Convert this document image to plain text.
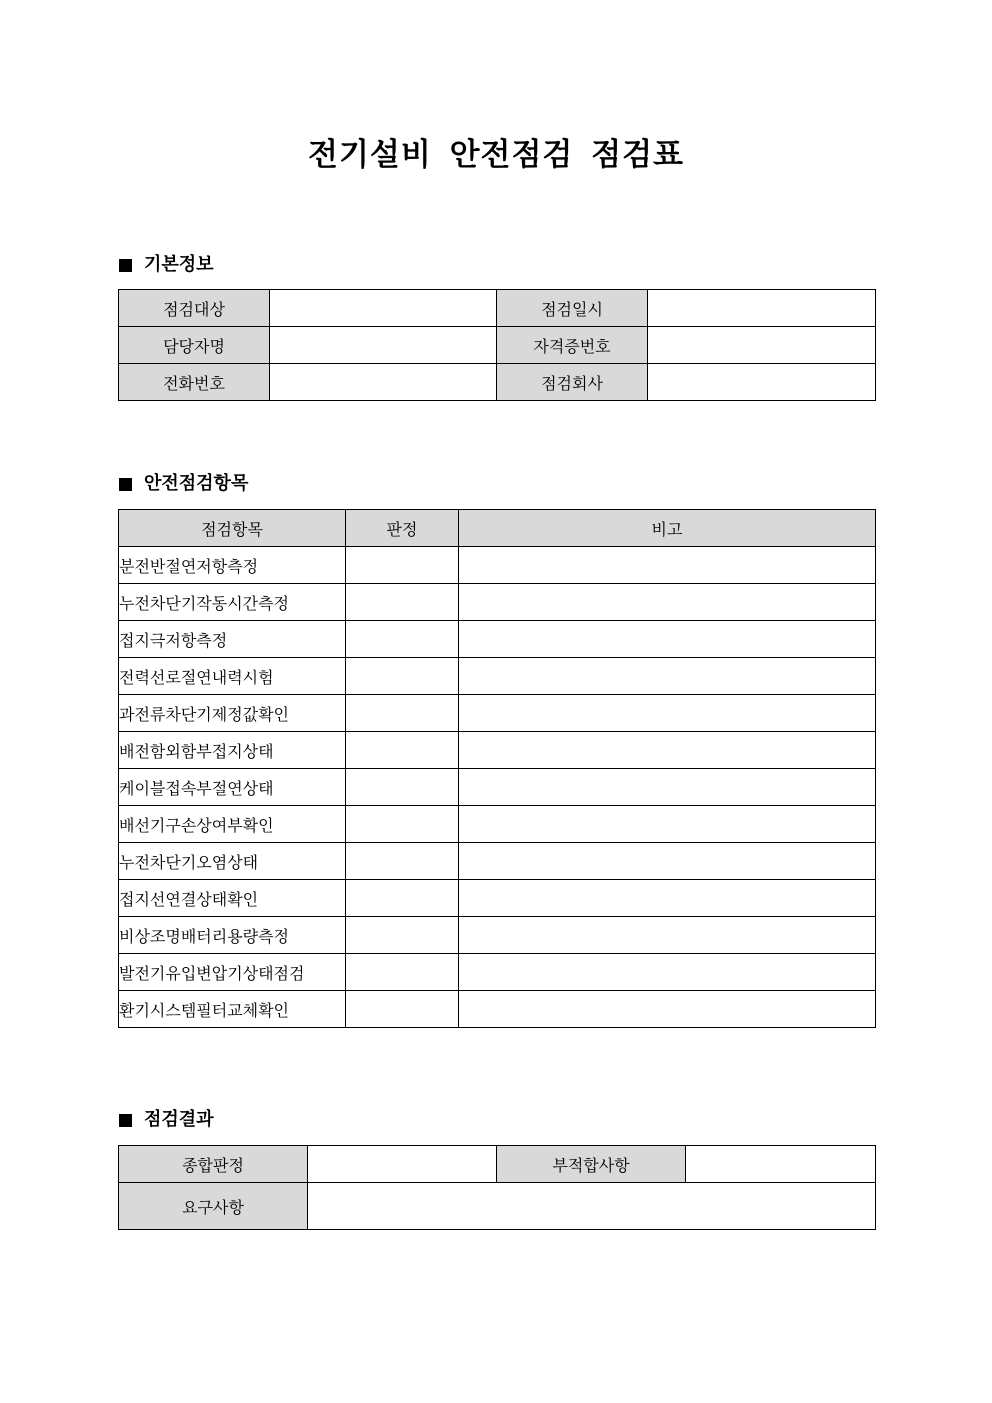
전기설비 안전점검 점검표
기본정보
점검대상		점검일시	
담당자명		자격증번호	
전화번호		점검회사	
안전점검항목
점검항목	판정	비고
분전반절연저항측정		
누전차단기작동시간측정		
접지극저항측정		
전력선로절연내력시험		
과전류차단기제정값확인		
배전함외함부접지상태		
케이블접속부절연상태		
배선기구손상여부확인		
누전차단기오염상태		
접지선연결상태확인		
비상조명배터리용량측정		
발전기유입변압기상태점검		
환기시스템필터교체확인		
점검결과
종합판정		부적합사항	
요구사항			
